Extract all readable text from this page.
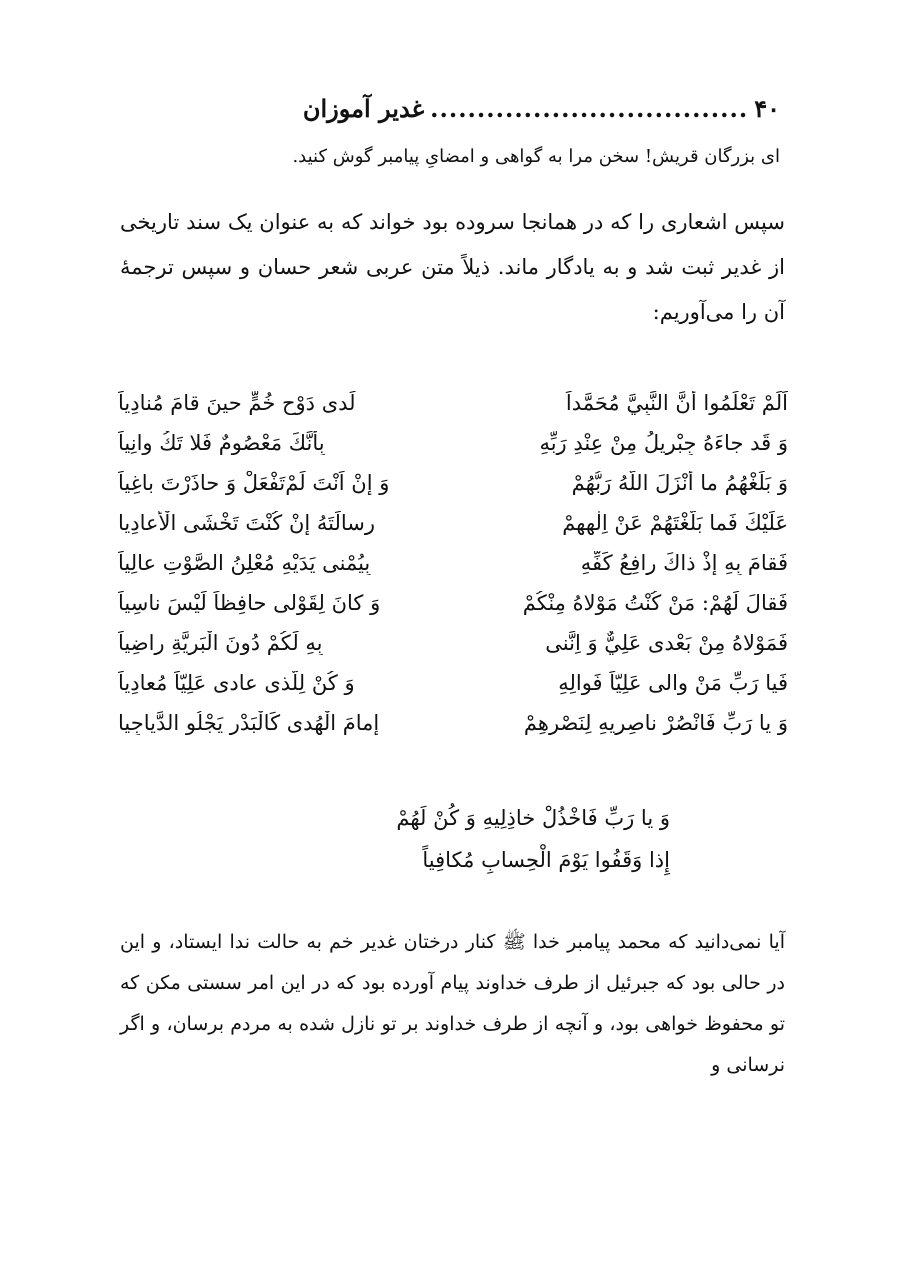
۴۰
..................................
غدیر آموزان
ای بزرگان قریش! سخن مرا به گواهی و امضایِ پیامبر گوش کنید.
سپس اشعاری را که در همانجا سروده بود خواند که به عنوان یک سند تاریخی از غدیر ثبت شد و به یادگار ماند. ذیلاً متن عربی شعر حسان و سپس ترجمهٔ آن را می‌آوریم:
اَلَمْ تَعْلَمُوا أَنَّ النَّبِيَّ مُحَمَّداً
لَدى دَوْحِ خُمٍّ حينَ قامَ مُنادِياً
وَ قَد جاءَهُ جِبْريلُ مِنْ عِنْدِ رَبِّهِ
بِأَنَّكَ مَعْصُومٌ فَلا تَكُ وانِياً
وَ بَلِّغْهُمُ ما أَنْزَلَ اللَّهُ رَبُّهُمْ
وَ إِنْ اَنْتَ لَمْ‌تَفْعَلْ وَ حاذَرْتَ باغِياً
عَلَيْكَ فَما بَلَّغْتَهُمْ عَنْ اِلٰهِهِمْ
رِسالَتَهُ إِنْ كُنْتَ تَخْشَى الْأَعادِيا
فَقامَ بِهِ إِذْ ذاكَ رافِعُ كَفِّهِ
بِيُمْنى يَدَيْهِ مُعْلِنُ الصَّوْتِ عالِياً
فَقالَ لَهُمْ: مَنْ كُنْتُ مَوْلاهُ مِنْكُمْ
وَ كانَ لِقَوْلى حافِظاً لَيْسَ ناسِياً
فَمَوْلاهُ مِنْ بَعْدى عَلِيٌّ وَ اِنَّنى
بِهِ لَكُمْ دُونَ الْبَرِيَّةِ راضِياً
فَيا رَبِّ مَنْ والى عَلِيّاً فَوالِهِ
وَ كُنْ لِلَّذى عادى عَلِيّاً مُعادِياً
وَ يا رَبِّ فَانْصُرْ ناصِرِيهِ لِنَصْرِهِمْ
إِمامَ الْهُدى كَالْبَدْرِ يَجْلُو الدَّياجِيا
وَ يا رَبِّ فَاخْذُلْ خاذِلِيهِ وَ كُنْ لَهُمْ
إِذا وَقَفُوا يَوْمَ الْحِسابِ مُكافِياً
آیا نمی‌دانید که محمد پیامبر خدا ﷺ کنار درختان غدیر خم به حالت ندا ایستاد، و این در حالی بود که جبرئیل از طرف خداوند پیام آورده بود که در این امر سستی مکن که تو محفوظ خواهی بود، و آنچه از طرف خداوند بر تو نازل شده به مردم برسان، و اگر نرسانی و
